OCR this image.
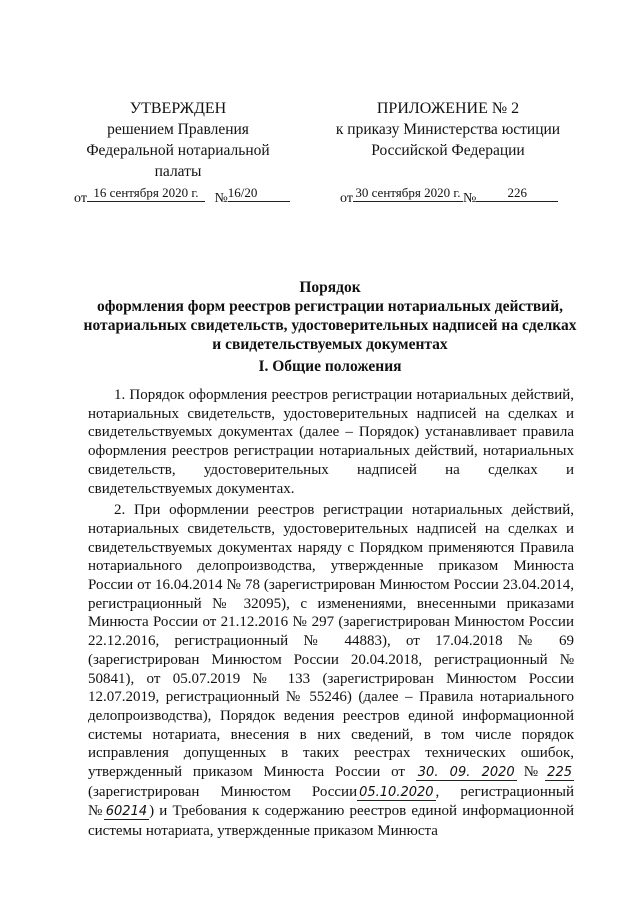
УТВЕРЖДЕН
решением Правления
Федеральной нотариальной
палаты
ПРИЛОЖЕНИЕ № 2
к приказу Министерства юстиции
Российской Федерации
от 16 сентября 2020 г. №16/20	от 30 сентября 2020 г. № 226
Порядок
оформления форм реестров регистрации нотариальных действий,
нотариальных свидетельств, удостоверительных надписей на сделках
и свидетельствуемых документах
I. Общие положения

1. Порядок оформления реестров регистрации нотариальных действий, нотариальных свидетельств, удостоверительных надписей на сделках и свидетельствуемых документах (далее – Порядок) устанавливает правила оформления реестров регистрации нотариальных действий, нотариальных свидетельств, удостоверительных надписей на сделках и свидетельствуемых документах.

2. При оформлении реестров регистрации нотариальных действий, нотариальных свидетельств, удостоверительных надписей на сделках и свидетельствуемых документах наряду с Порядком применяются Правила нотариального делопроизводства, утвержденные приказом Минюста России от 16.04.2014 № 78 (зарегистрирован Минюстом России 23.04.2014, регистрационный № 32095), с изменениями, внесенными приказами Минюста России от 21.12.2016 № 297 (зарегистрирован Минюстом России 22.12.2016, регистрационный № 44883), от 17.04.2018 № 69 (зарегистрирован Минюстом России 20.04.2018, регистрационный № 50841), от 05.07.2019 № 133 (зарегистрирован Минюстом России 12.07.2019, регистрационный № 55246) (далее – Правила нотариального делопроизводства), Порядок ведения реестров единой информационной системы нотариата, внесения в них сведений, в том числе порядок исправления допущенных в таких реестрах технических ошибок, утвержденный приказом Минюста России от 30. 09. 2020 № 225 (зарегистрирован Минюстом России 05.10.2020 , регистрационный № 60214 ) и Требования к содержанию реестров единой информационной системы нотариата, утвержденные приказом Минюста
